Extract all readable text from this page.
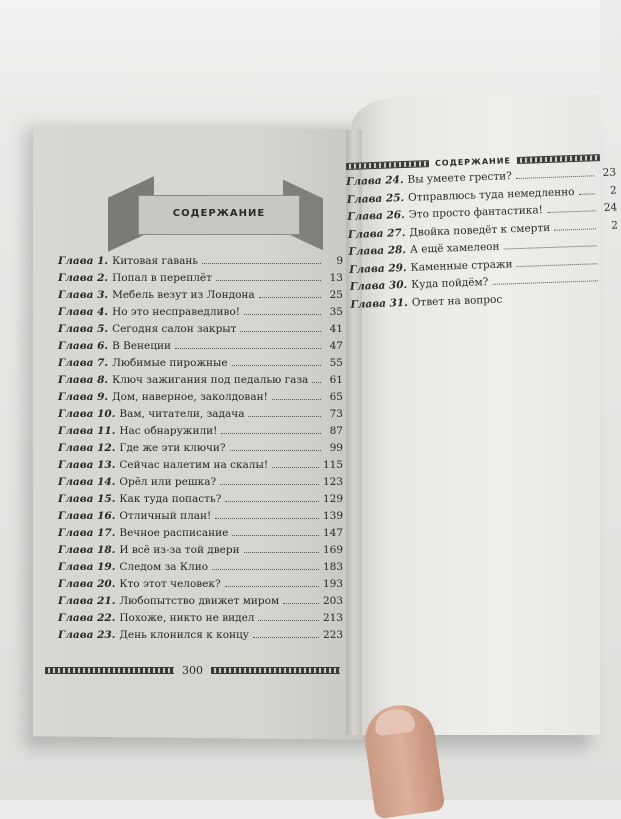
СОДЕРЖАНИЕ
Глава 1. Китовая гавань	9
Глава 2. Попал в переплёт	13
Глава 3. Мебель везут из Лондона	25
Глава 4. Но это несправедливо!	35
Глава 5. Сегодня салон закрыт	41
Глава 6. В Венеции	47
Глава 7. Любимые пирожные	55
Глава 8. Ключ зажигания под педалью газа	61
Глава 9. Дом, наверное, заколдован!	65
Глава 10. Вам, читатели, задача	73
Глава 11. Нас обнаружили!	87
Глава 12. Где же эти ключи?	99
Глава 13. Сейчас налетим на скалы!	115
Глава 14. Орёл или решка?	123
Глава 15. Как туда попасть?	129
Глава 16. Отличный план!	139
Глава 17. Вечное расписание	147
Глава 18. И всё из-за той двери	169
Глава 19. Следом за Клио	183
Глава 20. Кто этот человек?	193
Глава 21. Любопытство движет миром	203
Глава 22. Похоже, никто не видел	213
Глава 23. День клонился к концу	223
300
СОДЕРЖАНИЕ
Глава 24. Вы умеете грести?	23
Глава 25. Отправлюсь туда немедленно	2
Глава 26. Это просто фантастика!	24
Глава 27. Двойка поведёт к смерти	2
Глава 28. А ещё хамелеон
Глава 29. Каменные стражи
Глава 30. Куда пойдём?
Глава 31. Ответ на вопрос
